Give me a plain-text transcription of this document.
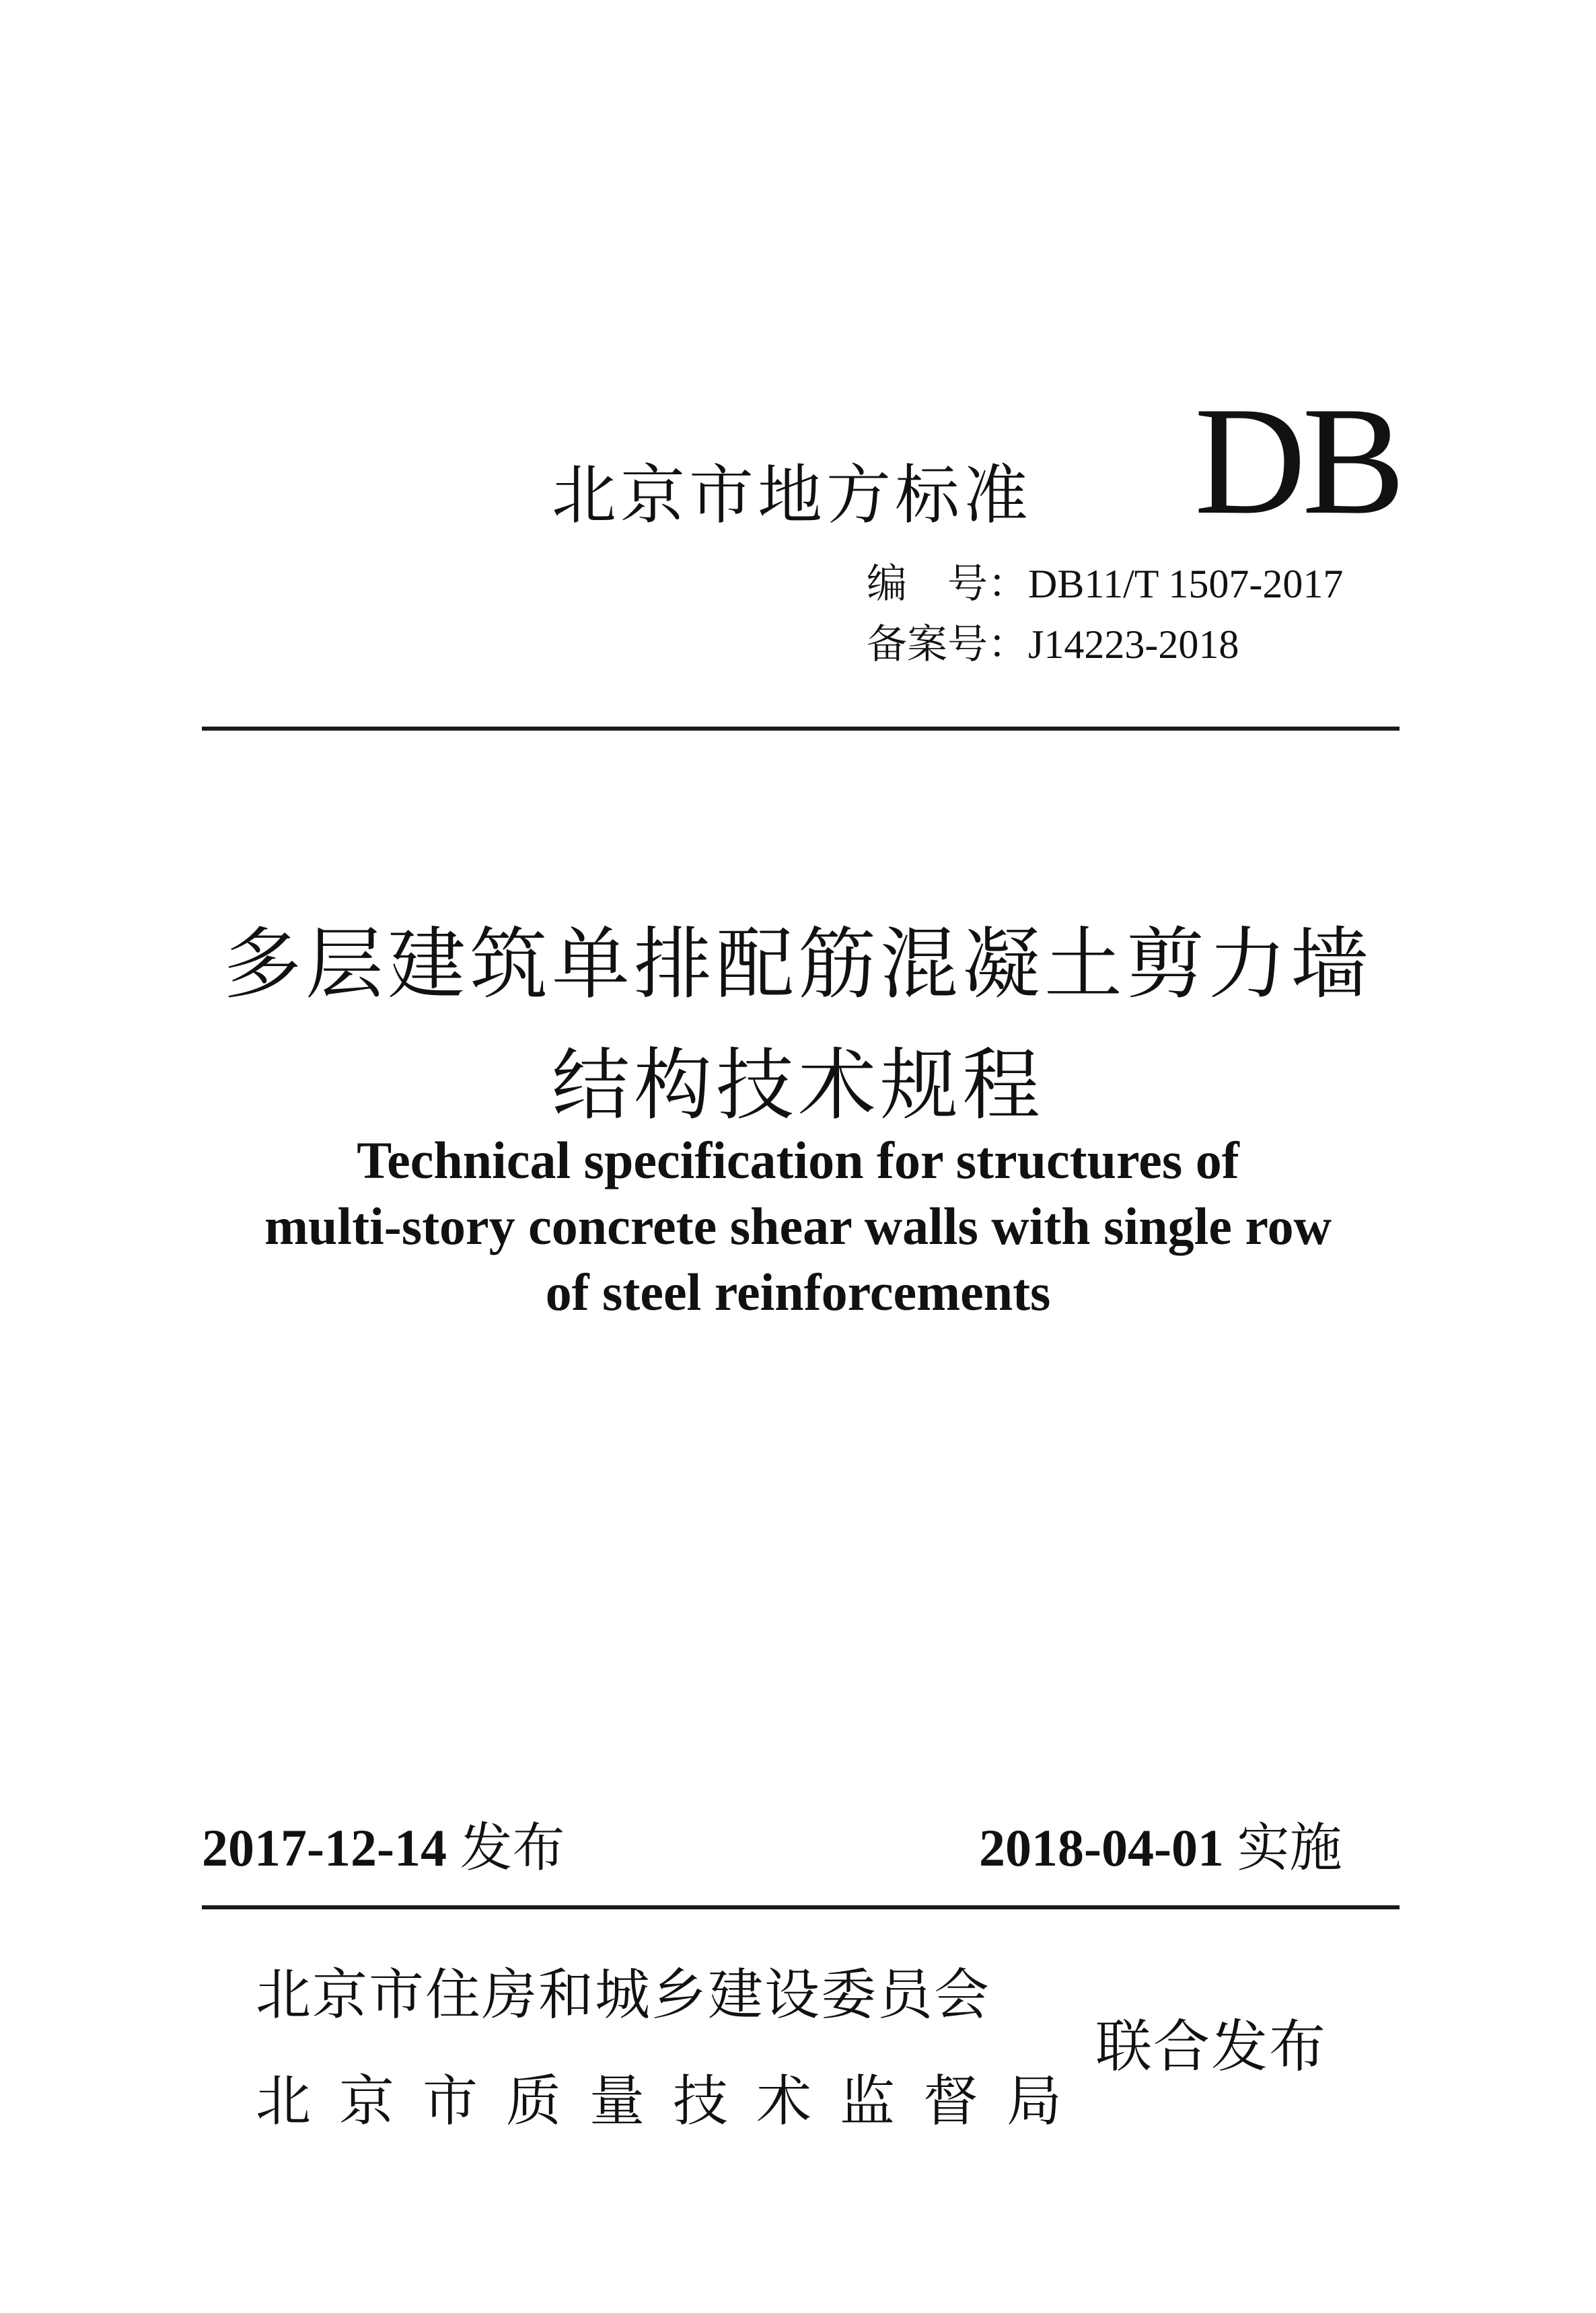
北京市地方标准 DB
编　号：DB11/T 1507-2017
备案号：J14223-2018
多层建筑单排配筋混凝土剪力墙
结构技术规程
Technical specification for structures of
multi-story concrete shear walls with single row
of steel reinforcements
2017-12-14 发布	2018-04-01 实施
北京市住房和城乡建设委员会
北京市质量技术监督局
联合发布
